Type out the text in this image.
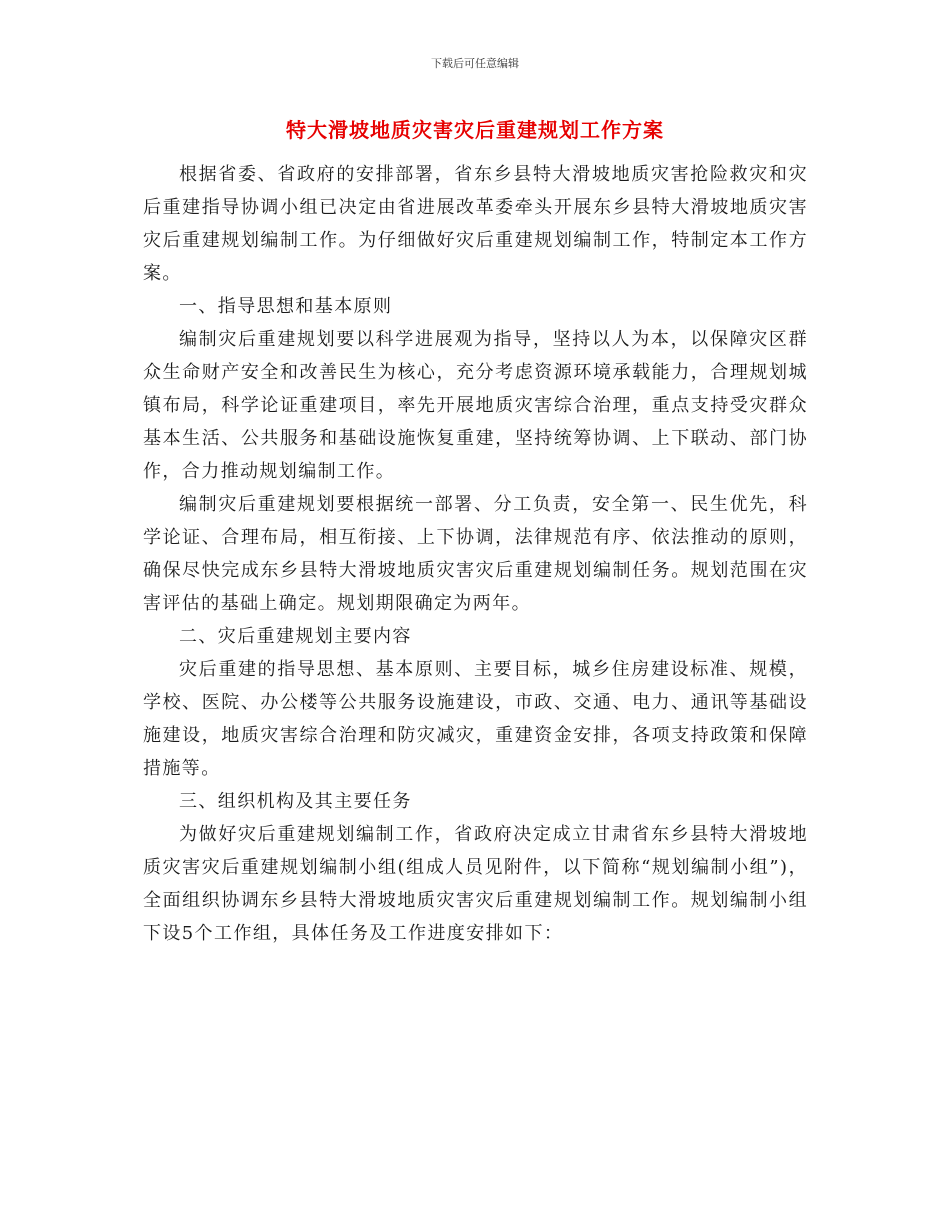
下载后可任意编辑
特大滑坡地质灾害灾后重建规划工作方案

根据省委、省政府的安排部署，省东乡县特大滑坡地质灾害抢险救灾和灾后重建指导协调小组已决定由省进展改革委牵头开展东乡县特大滑坡地质灾害灾后重建规划编制工作。为仔细做好灾后重建规划编制工作，特制定本工作方案。

一、指导思想和基本原则

编制灾后重建规划要以科学进展观为指导，坚持以人为本，以保障灾区群众生命财产安全和改善民生为核心，充分考虑资源环境承载能力，合理规划城镇布局，科学论证重建项目，率先开展地质灾害综合治理，重点支持受灾群众基本生活、公共服务和基础设施恢复重建，坚持统筹协调、上下联动、部门协作，合力推动规划编制工作。

编制灾后重建规划要根据统一部署、分工负责，安全第一、民生优先，科学论证、合理布局，相互衔接、上下协调，法律规范有序、依法推动的原则，确保尽快完成东乡县特大滑坡地质灾害灾后重建规划编制任务。规划范围在灾害评估的基础上确定。规划期限确定为两年。

二、灾后重建规划主要内容

灾后重建的指导思想、基本原则、主要目标，城乡住房建设标准、规模，学校、医院、办公楼等公共服务设施建设，市政、交通、电力、通讯等基础设施建设，地质灾害综合治理和防灾减灾，重建资金安排，各项支持政策和保障措施等。

三、组织机构及其主要任务

为做好灾后重建规划编制工作，省政府决定成立甘肃省东乡县特大滑坡地质灾害灾后重建规划编制小组(组成人员见附件，以下简称“规划编制小组”)，全面组织协调东乡县特大滑坡地质灾害灾后重建规划编制工作。规划编制小组下设5个工作组，具体任务及工作进度安排如下：
